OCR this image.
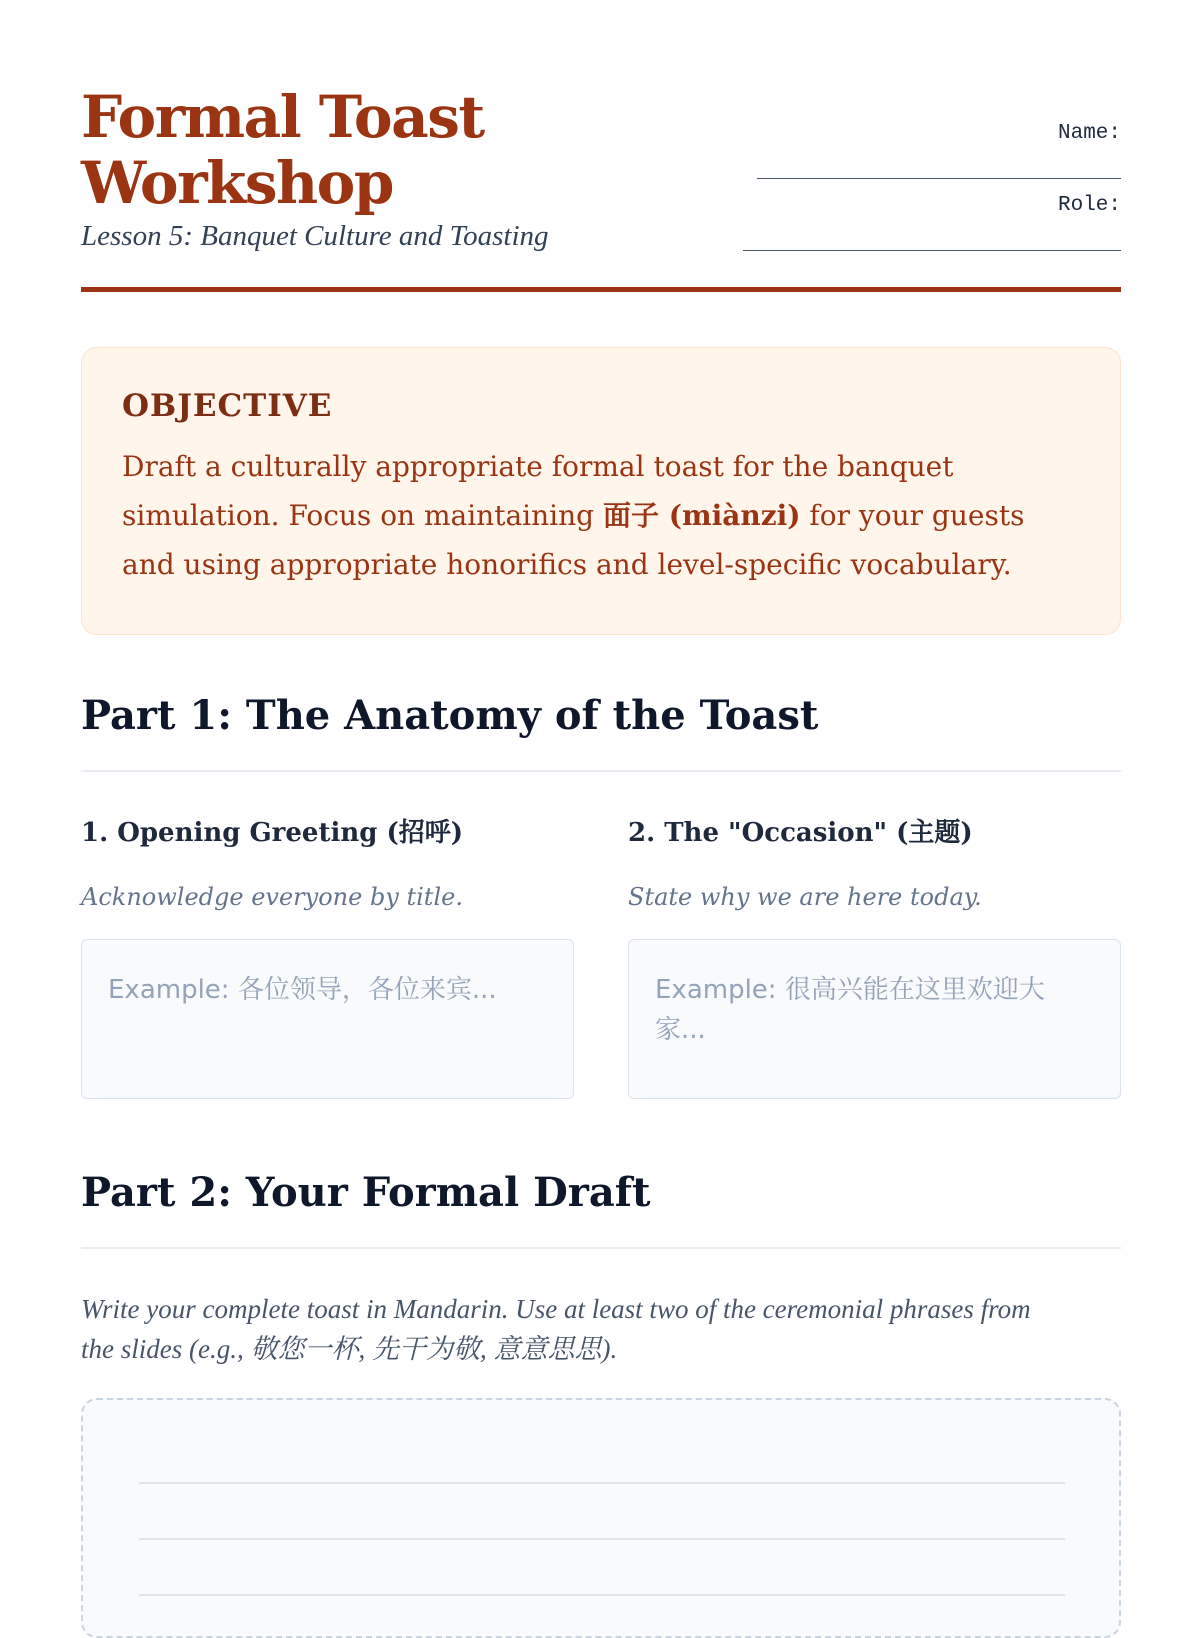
Formal Toast Workshop
Lesson 5: Banquet Culture and Toasting
Name:
Role:
OBJECTIVE

Draft a culturally appropriate formal toast for the banquet simulation. Focus on maintaining 面子 (miànzi) for your guests and using appropriate honorifics and level-specific vocabulary.

Part 1: The Anatomy of the Toast
1. Opening Greeting (招呼)

Acknowledge everyone by title.

Example: 各位领导，各位来宾...
2. The "Occasion" (主题)

State why we are here today.

Example: 很高兴能在这里欢迎大家...
Part 2: Your Formal Draft

Write your complete toast in Mandarin. Use at least two of the ceremonial phrases from the slides (e.g., 敬您一杯, 先干为敬, 意意思思).
